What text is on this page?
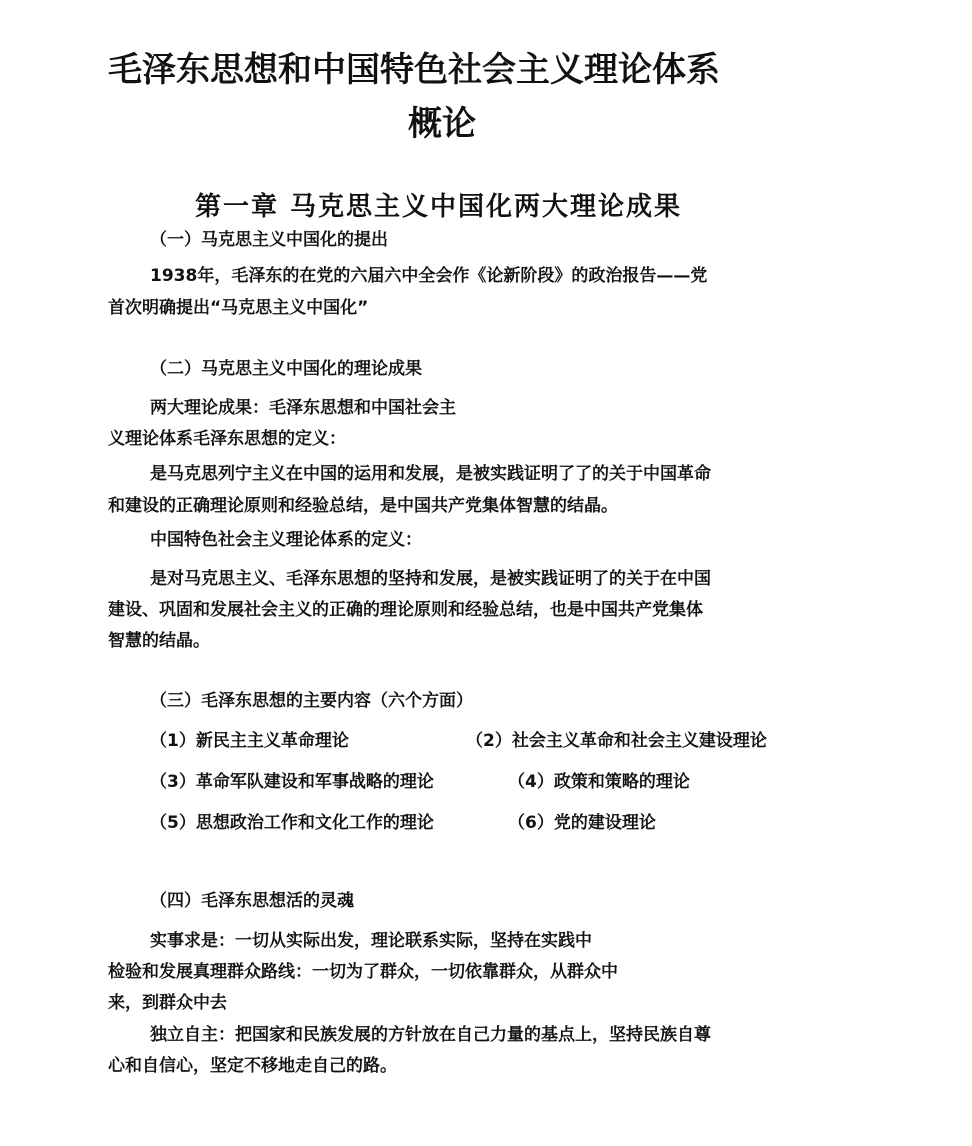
毛泽东思想和中国特色社会主义理论体系
概论
第一章 马克思主义中国化两大理论成果
（一）马克思主义中国化的提出
1938年，毛泽东的在党的六届六中全会作《论新阶段》的政治报告——党
首次明确提出“马克思主义中国化”
（二）马克思主义中国化的理论成果
两大理论成果：毛泽东思想和中国社会主
义理论体系毛泽东思想的定义：
是马克思列宁主义在中国的运用和发展，是被实践证明了了的关于中国革命
和建设的正确理论原则和经验总结，是中国共产党集体智慧的结晶。
中国特色社会主义理论体系的定义：
是对马克思主义、毛泽东思想的坚持和发展，是被实践证明了的关于在中国
建设、巩固和发展社会主义的正确的理论原则和经验总结，也是中国共产党集体
智慧的结晶。
（三）毛泽东思想的主要内容（六个方面）
（1）新民主主义革命理论	（2）社会主义革命和社会主义建设理论
（3）革命军队建设和军事战略的理论	（4）政策和策略的理论
（5）思想政治工作和文化工作的理论	（6）党的建设理论
（四）毛泽东思想活的灵魂
实事求是：一切从实际出发，理论联系实际，坚持在实践中
检验和发展真理群众路线：一切为了群众，一切依靠群众，从群众中
来，到群众中去
独立自主：把国家和民族发展的方针放在自己力量的基点上，坚持民族自尊
心和自信心，坚定不移地走自己的路。
